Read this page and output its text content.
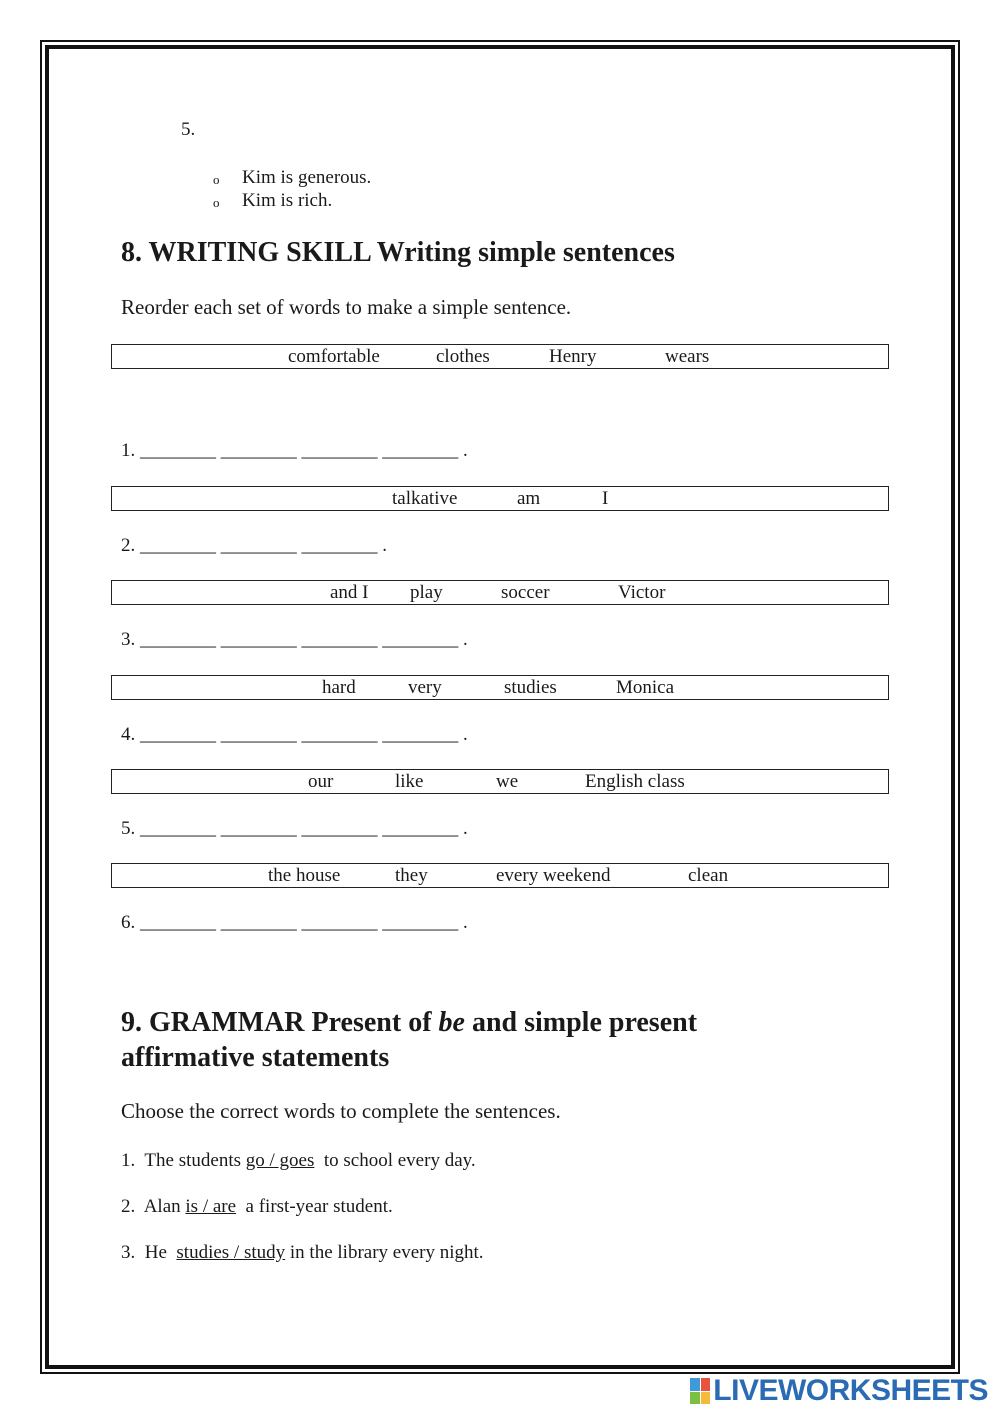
5.
o Kim is generous.
o Kim is rich.
8. WRITING SKILL Writing simple sentences
Reorder each set of words to make a simple sentence.
comfortable	clothes	Henry	wears
1. ________ ________ ________ ________ .
talkative	am	I
2. ________ ________ ________ .
and I play	soccer	Victor
3. ________ ________ ________ ________ .
hard	very	studies	Monica
4. ________ ________ ________ ________ .
our	like	we	English class
5. ________ ________ ________ ________ .
the house	they	every weekend	clean
6. ________ ________ ________ ________ .
9. GRAMMAR Present of be and simple present
affirmative statements
Choose the correct words to complete the sentences.
1. The students go / goes  to school every day.
2. Alan is / are  a first-year student.
3. He  studies / study in the library every night.
LIVEWORKSHEETS
